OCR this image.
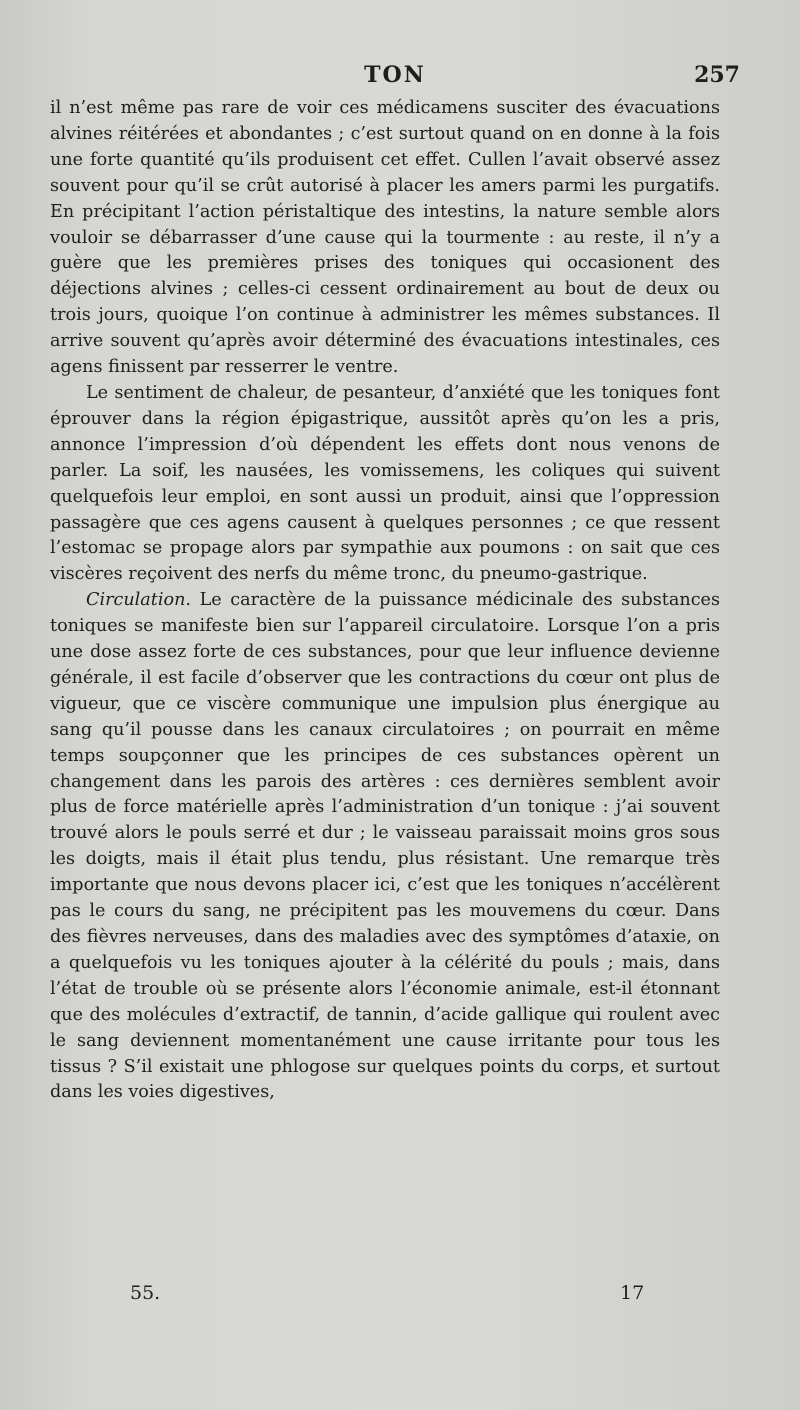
TON	257

il n’est même pas rare de voir ces médicamens susciter des évacuations alvines réitérées et abondantes ; c’est surtout quand on en donne à la fois une forte quantité qu’ils produisent cet effet. Cullen l’avait observé assez souvent pour qu’il se crût autorisé à placer les amers parmi les purgatifs. En précipitant l’action péristaltique des intestins, la nature semble alors vouloir se débarrasser d’une cause qui la tourmente : au reste, il n’y a guère que les premières prises des toniques qui occasionent des déjections alvines ; celles-ci cessent ordinairement au bout de deux ou trois jours, quoique l’on continue à administrer les mêmes substances. Il arrive souvent qu’après avoir déterminé des évacuations intestinales, ces agens finissent par resserrer le ventre.

Le sentiment de chaleur, de pesanteur, d’anxiété que les toniques font éprouver dans la région épigastrique, aussitôt après qu’on les a pris, annonce l’impression d’où dépendent les effets dont nous venons de parler. La soif, les nausées, les vomissemens, les coliques qui suivent quelquefois leur emploi, en sont aussi un produit, ainsi que l’oppression passagère que ces agens causent à quelques personnes ; ce que ressent l’estomac se propage alors par sympathie aux poumons : on sait que ces viscères reçoivent des nerfs du même tronc, du pneumo-gastrique.

Circulation. Le caractère de la puissance médicinale des substances toniques se manifeste bien sur l’appareil circulatoire. Lorsque l’on a pris une dose assez forte de ces substances, pour que leur influence devienne générale, il est facile d’observer que les contractions du cœur ont plus de vigueur, que ce viscère communique une impulsion plus énergique au sang qu’il pousse dans les canaux circulatoires ; on pourrait en même temps soupçonner que les principes de ces substances opèrent un changement dans les parois des artères : ces dernières semblent avoir plus de force matérielle après l’administration d’un tonique : j’ai souvent trouvé alors le pouls serré et dur ; le vaisseau paraissait moins gros sous les doigts, mais il était plus tendu, plus résistant. Une remarque très importante que nous devons placer ici, c’est que les toniques n’accélèrent pas le cours du sang, ne précipitent pas les mouvemens du cœur. Dans des fièvres nerveuses, dans des maladies avec des symptômes d’ataxie, on a quelquefois vu les toniques ajouter à la célérité du pouls ; mais, dans l’état de trouble où se présente alors l’économie animale, est-il étonnant que des molécules d’extractif, de tannin, d’acide gallique qui roulent avec le sang deviennent momentanément une cause irritante pour tous les tissus ? S’il existait une phlogose sur quelques points du corps, et surtout dans les voies digestives,

55.	17
